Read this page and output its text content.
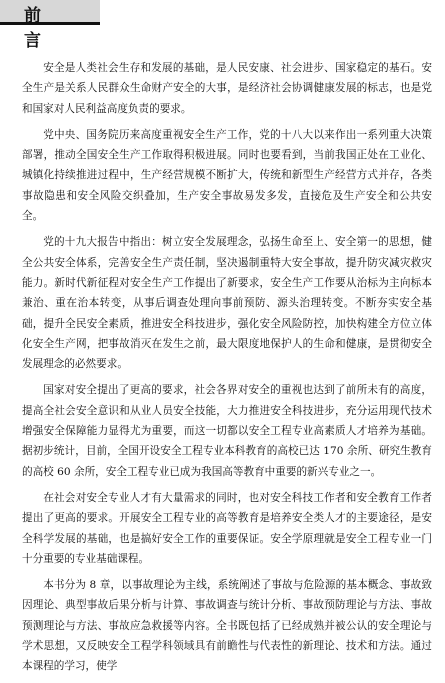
前 言

安全是人类社会生存和发展的基础，是人民安康、社会进步、国家稳定的基石。安全生产是关系人民群众生命财产安全的大事，是经济社会协调健康发展的标志，也是党和国家对人民利益高度负责的要求。

党中央、国务院历来高度重视安全生产工作，党的十八大以来作出一系列重大决策部署，推动全国安全生产工作取得积极进展。同时也要看到，当前我国正处在工业化、城镇化持续推进过程中，生产经营规模不断扩大，传统和新型生产经营方式并存，各类事故隐患和安全风险交织叠加，生产安全事故易发多发，直接危及生产安全和公共安全。

党的十九大报告中指出：树立安全发展理念，弘扬生命至上、安全第一的思想，健全公共安全体系，完善安全生产责任制，坚决遏制重特大安全事故，提升防灾减灾救灾能力。新时代新征程对安全生产工作提出了新要求，安全生产工作要从治标为主向标本兼治、重在治本转变，从事后调查处理向事前预防、源头治理转变。不断夯实安全基础，提升全民安全素质，推进安全科技进步，强化安全风险防控，加快构建全方位立体化安全生产网，把事故消灭在发生之前，最大限度地保护人的生命和健康，是贯彻安全发展理念的必然要求。

国家对安全提出了更高的要求，社会各界对安全的重视也达到了前所未有的高度，提高全社会安全意识和从业人员安全技能，大力推进安全科技进步，充分运用现代技术增强安全保障能力显得尤为重要，而这一切都以安全工程专业高素质人才培养为基础。据初步统计，目前，全国开设安全工程专业本科教育的高校已达 170 余所、研究生教育的高校 60 余所，安全工程专业已成为我国高等教育中重要的新兴专业之一。

在社会对安全专业人才有大量需求的同时，也对安全科技工作者和安全教育工作者提出了更高的要求。开展安全工程专业的高等教育是培养安全类人才的主要途径，是安全科学发展的基础，也是搞好安全工作的重要保证。安全学原理就是安全工程专业一门十分重要的专业基础课程。

本书分为 8 章，以事故理论为主线，系统阐述了事故与危险源的基本概念、事故致因理论、典型事故后果分析与计算、事故调查与统计分析、事故预防理论与方法、事故预测理论与方法、事故应急救援等内容。全书既包括了已经成熟并被公认的安全理论与学术思想，又反映安全工程学科领域具有前瞻性与代表性的新理论、技术和方法。通过本课程的学习，使学
